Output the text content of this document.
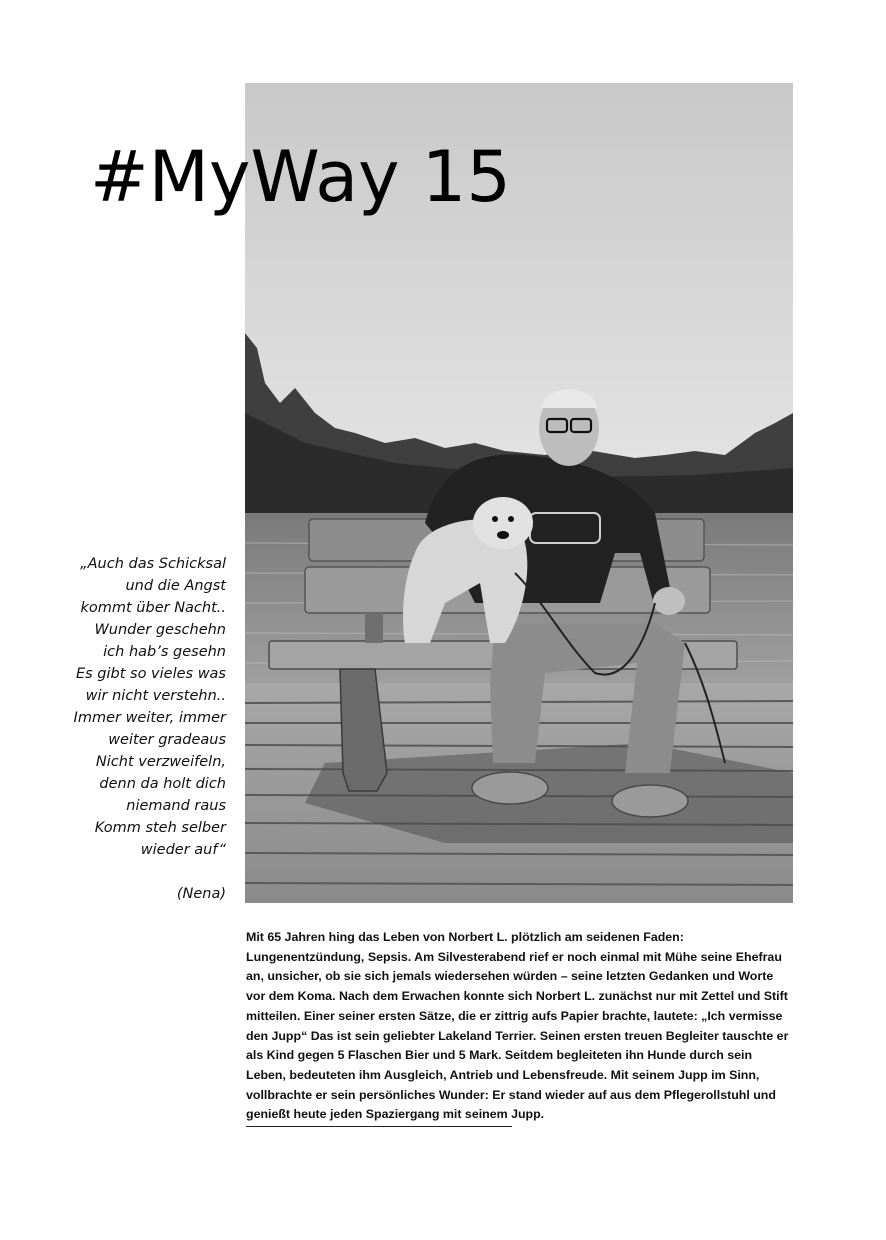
#MyWay 15
„Auch das Schicksal
und die Angst
kommt über Nacht..
Wunder geschehn
ich hab’s gesehn
Es gibt so vieles was
wir nicht verstehn..
Immer weiter, immer
weiter gradeaus
Nicht verzweifeln,
denn da holt dich
niemand raus
Komm steh selber
wieder auf“
(Nena)

Mit 65 Jahren hing das Leben von Norbert L. plötzlich am seidenen Faden: Lungenentzündung, Sepsis. Am Silvesterabend rief er noch einmal mit Mühe seine Ehefrau an, unsicher, ob sie sich jemals wiedersehen würden – seine letzten Gedanken und Worte vor dem Koma. Nach dem Erwachen konnte sich Norbert L. zunächst nur mit Zettel und Stift mitteilen. Einer seiner ersten Sätze, die er zittrig aufs Papier brachte, lautete: „Ich vermisse den Jupp“ Das ist sein geliebter Lakeland Terrier. Seinen ersten treuen Begleiter tauschte er als Kind gegen 5 Flaschen Bier und 5 Mark. Seitdem begleiteten ihn Hunde durch sein Leben, bedeuteten ihm Ausgleich, Antrieb und Lebensfreude. Mit seinem Jupp im Sinn, vollbrachte er sein persönliches Wunder: Er stand wieder auf aus dem Pflegerollstuhl und genießt heute jeden Spaziergang mit seinem Jupp.
